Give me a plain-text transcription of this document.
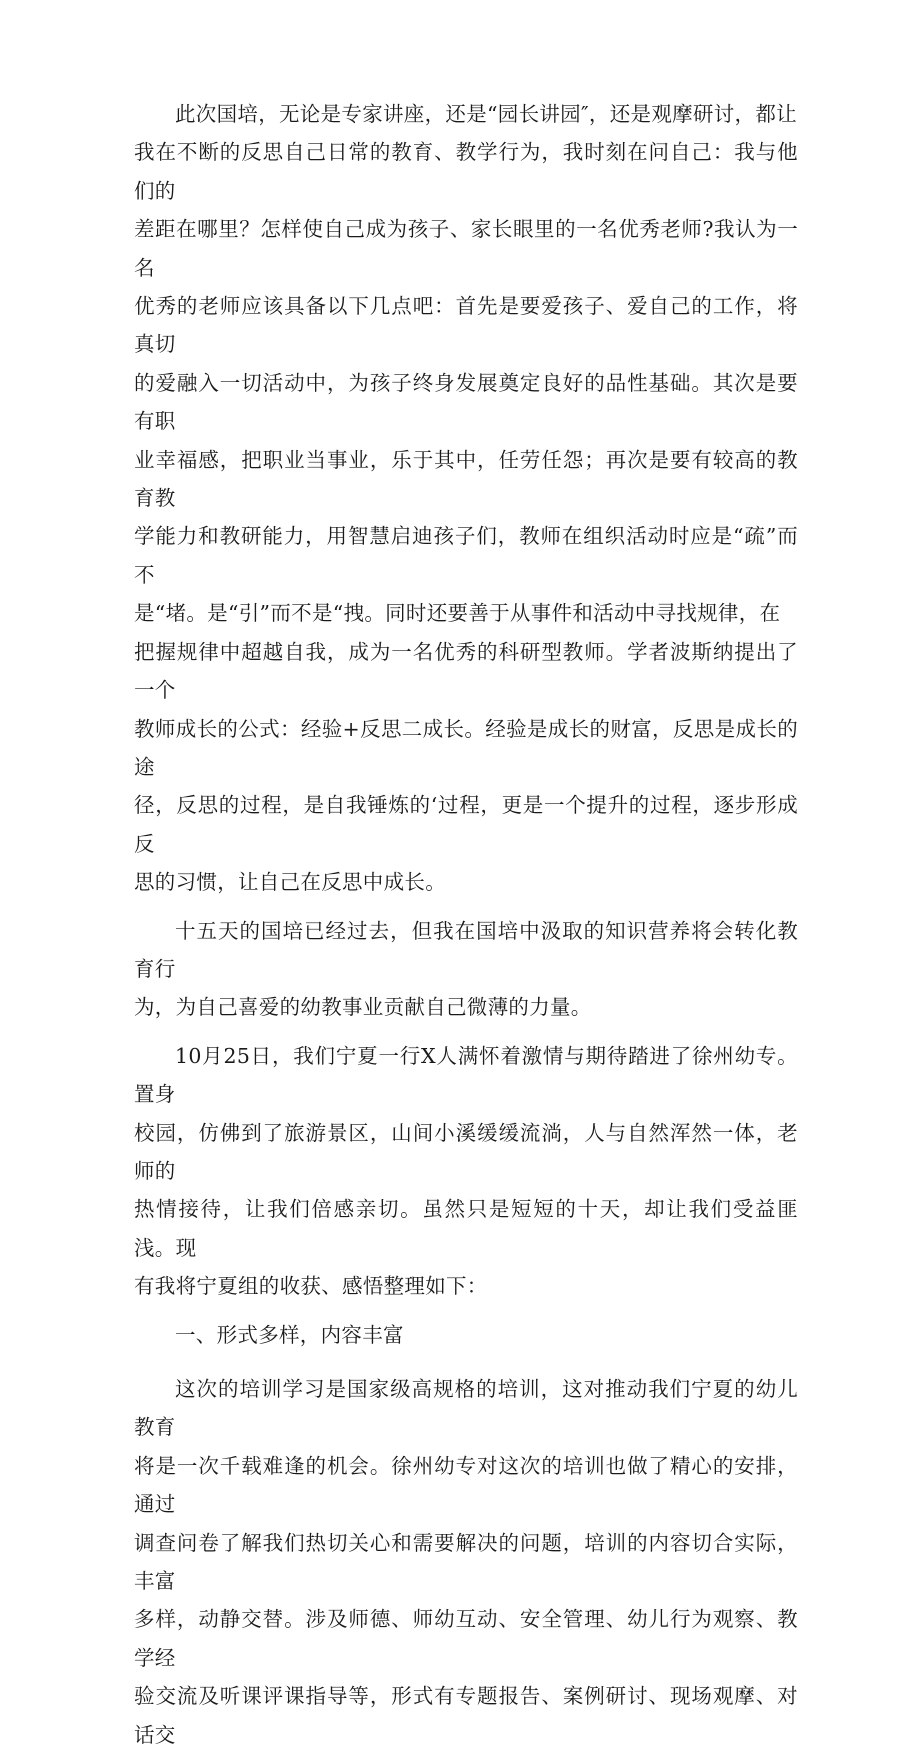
此次国培，无论是专家讲座，还是“园长讲园″，还是观摩研讨，都让
我在不断的反思自己日常的教育、教学行为，我时刻在问自己：我与他们的
差距在哪里？怎样使自己成为孩子、家长眼里的一名优秀老师?我认为一名
优秀的老师应该具备以下几点吧：首先是要爱孩子、爱自己的工作，将真切
的爱融入一切活动中，为孩子终身发展奠定良好的品性基础。其次是要有职
业幸福感，把职业当事业，乐于其中，任劳任怨；再次是要有较高的教育教
学能力和教研能力，用智慧启迪孩子们，教师在组织活动时应是“疏”而不
是“堵。是“引”而不是“拽。同时还要善于从事件和活动中寻找规律，在
把握规律中超越自我，成为一名优秀的科研型教师。学者波斯纳提出了一个
教师成长的公式：经验+反思二成长。经验是成长的财富，反思是成长的途
径，反思的过程，是自我锤炼的‘过程，更是一个提升的过程，逐步形成反
思的习惯，让自己在反思中成长。

十五天的国培已经过去，但我在国培中汲取的知识营养将会转化教育行
为，为自己喜爱的幼教事业贡献自己微薄的力量。

10月25日，我们宁夏一行X人满怀着激情与期待踏进了徐州幼专。置身
校园，仿佛到了旅游景区，山间小溪缓缓流淌，人与自然浑然一体，老师的
热情接待，让我们倍感亲切。虽然只是短短的十天，却让我们受益匪浅。现
有我将宁夏组的收获、感悟整理如下：

一、形式多样，内容丰富

这次的培训学习是国家级高规格的培训，这对推动我们宁夏的幼儿教育
将是一次千载难逢的机会。徐州幼专对这次的培训也做了精心的安排，通过
调查问卷了解我们热切关心和需要解决的问题，培训的内容切合实际，丰富
多样，动静交替。涉及师德、师幼互动、安全管理、幼儿行为观察、教学经
验交流及听课评课指导等，形式有专题报告、案例研讨、现场观摩、对话交
